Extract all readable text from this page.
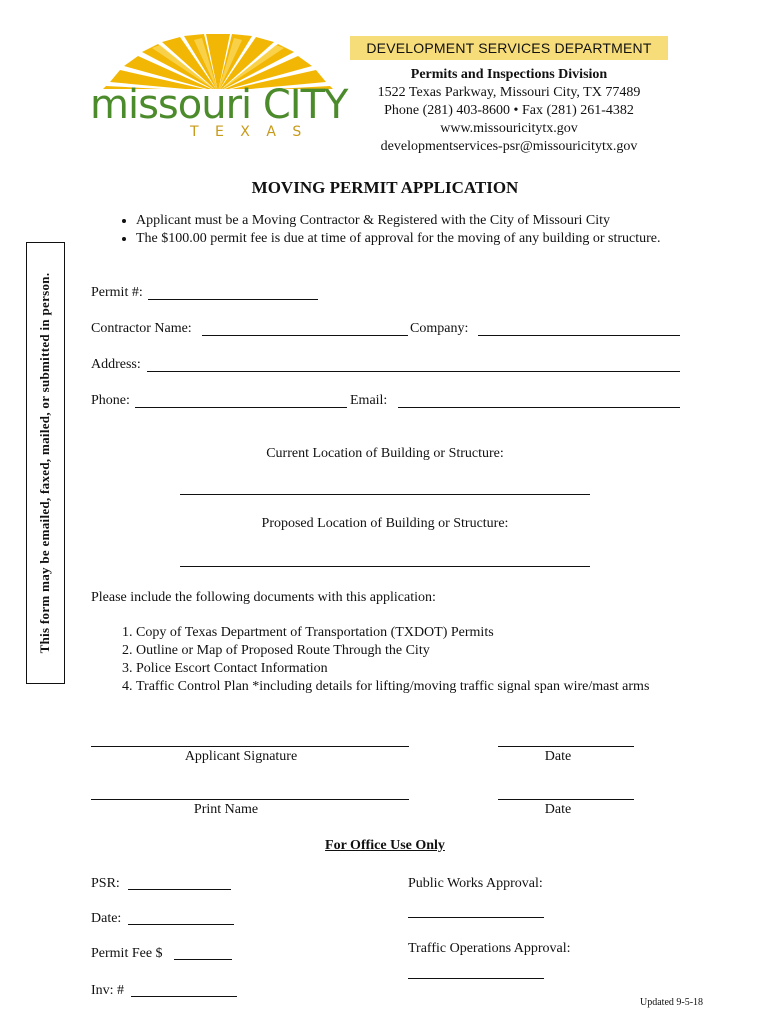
missouri CITY
T E X A S
DEVELOPMENT SERVICES DEPARTMENT
Permits and Inspections Division
1522 Texas Parkway, Missouri City, TX 77489
Phone (281) 403-8600 • Fax (281) 261-4382
www.missouricitytx.gov
developmentservices-psr@missouricitytx.gov
This form may be emailed, faxed, mailed, or submitted in person.
MOVING PERMIT APPLICATION
• Applicant must be a Moving Contractor & Registered with the City of Missouri City
• The $100.00 permit fee is due at time of approval for the moving of any building or structure.
Permit #:
Contractor Name:	Company:
Address:
Phone:	Email:
Current Location of Building or Structure:
Proposed Location of Building or Structure:
Please include the following documents with this application:
1. Copy of Texas Department of Transportation (TXDOT) Permits
2. Outline or Map of Proposed Route Through the City
3. Police Escort Contact Information
4. Traffic Control Plan *including details for lifting/moving traffic signal span wire/mast arms
Applicant Signature	Date
Print Name	Date
For Office Use Only
PSR:
Date:
Permit Fee $
Inv: #
Public Works Approval:
Traffic Operations Approval:
Updated 9-5-18
